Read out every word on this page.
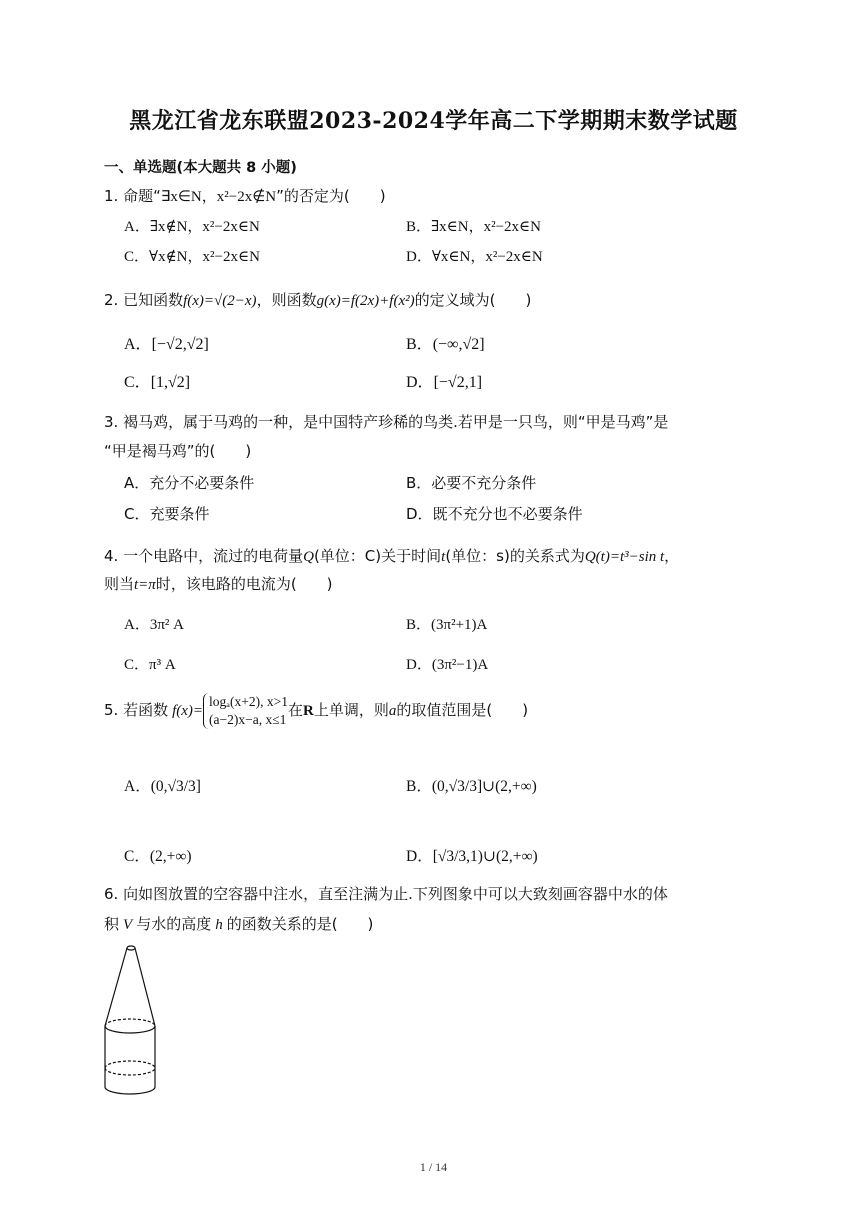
黑龙江省龙东联盟2023-2024学年高二下学期期末数学试题
一、单选题(本大题共 8 小题)
1. 命题“∃x∈N，x²−2x∉N”的否定为(　　)
A．∃x∉N，x²−2x∈N	B．∃x∈N，x²−2x∈N
C．∀x∉N，x²−2x∈N	D．∀x∈N，x²−2x∈N
2. 已知函数f(x)=√(2−x)，则函数g(x)=f(2x)+f(x²)的定义域为(　　)
A．[−√2,√2]	B．(−∞,√2]
C．[1,√2]	D．[−√2,1]
3. 褐马鸡，属于马鸡的一种，是中国特产珍稀的鸟类.若甲是一只鸟，则“甲是马鸡”是
“甲是褐马鸡”的(　　)
A．充分不必要条件	B．必要不充分条件
C．充要条件	D．既不充分也不必要条件
4. 一个电路中，流过的电荷量Q(单位：C)关于时间t(单位：s)的关系式为Q(t)=t³−sin t，
则当t=π时，该电路的电流为(　　)
A．3π² A	B．(3π²+1)A
C．π³ A	D．(3π²−1)A
5. 若函数 f(x)=
logₐ(x+2), x>1
(a−2)x−a, x≤1 在R上单调，则a的取值范围是(　　)
A．(0,√3/3]	B．(0,√3/3]∪(2,+∞)
C．(2,+∞)	D．[√3/3,1)∪(2,+∞)
6. 向如图放置的空容器中注水，直至注满为止.下列图象中可以大致刻画容器中水的体
积 V 与水的高度 h 的函数关系的是(　　)
1 / 14
